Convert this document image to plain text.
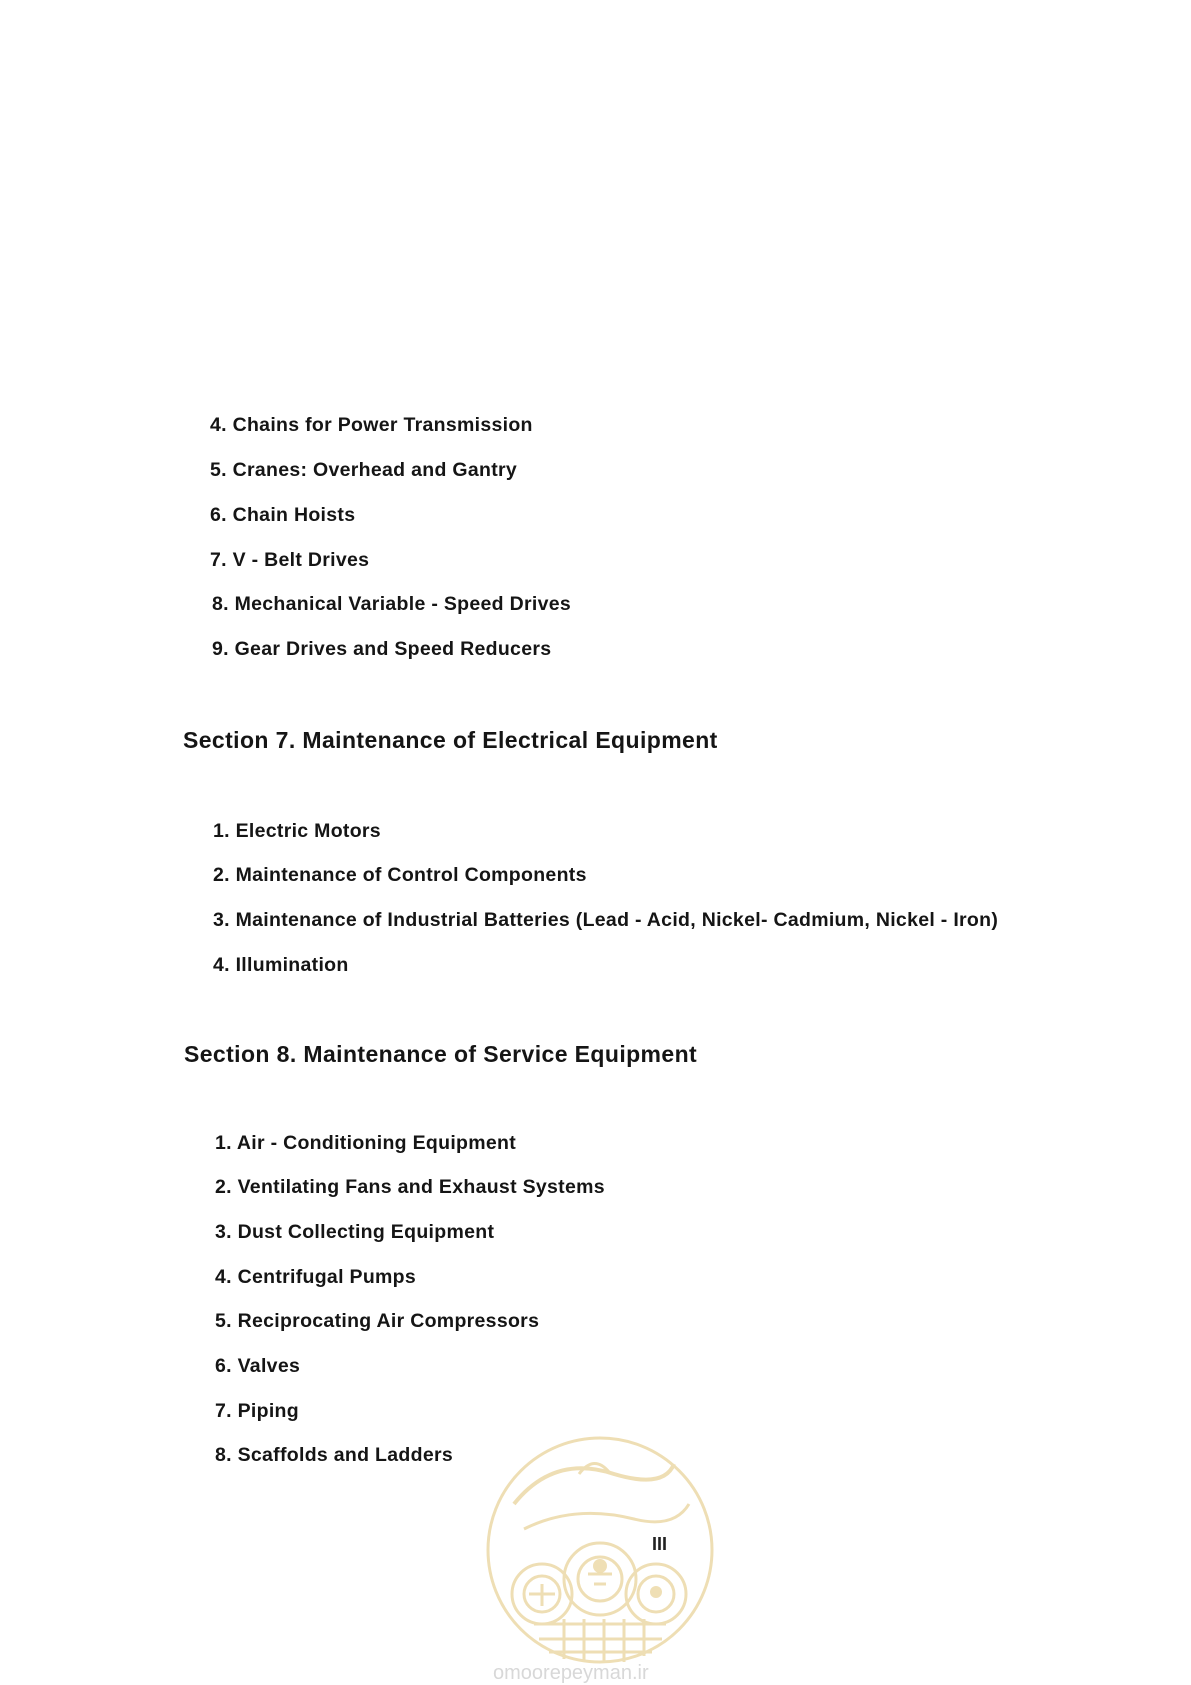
4. Chains for Power Transmission
5. Cranes: Overhead and Gantry
6. Chain Hoists
7. V - Belt Drives
8. Mechanical Variable - Speed Drives
9. Gear Drives and Speed Reducers
Section 7. Maintenance of Electrical Equipment
1. Electric Motors
2. Maintenance of Control Components
3. Maintenance of Industrial Batteries (Lead - Acid, Nickel- Cadmium, Nickel - Iron)
4. Illumination
Section 8. Maintenance of Service Equipment
1. Air - Conditioning Equipment
2. Ventilating Fans and Exhaust Systems
3. Dust Collecting Equipment
4. Centrifugal Pumps
5. Reciprocating Air Compressors
6. Valves
7. Piping
8. Scaffolds and Ladders
III
omoorepeyman.ir
